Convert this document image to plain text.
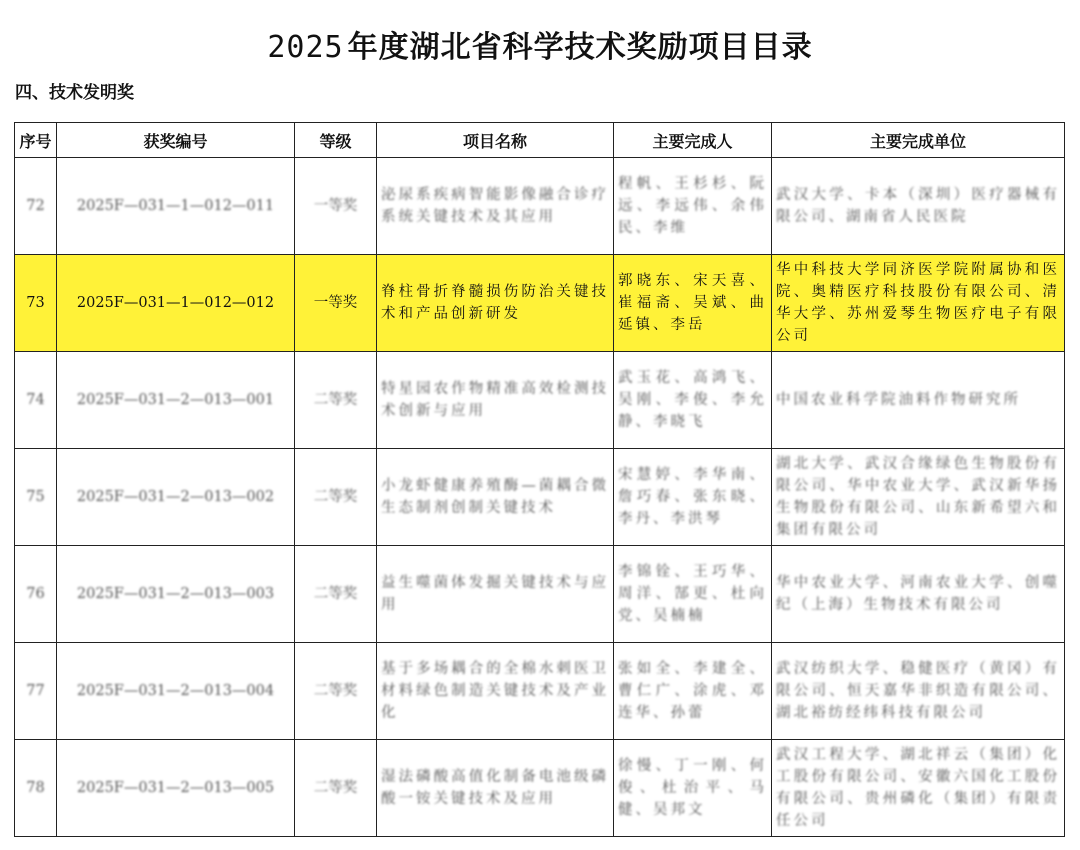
2025 年度湖北省科学技术奖励项目目录
四、技术发明奖
序号	获奖编号	等级	项目名称	主要完成人	主要完成单位

72	2025F—031—1—012—011	一等奖	泌尿系疾病智能影像融合诊疗系统关键技术及其应用	程帆、王杉杉、阮远、李远伟、余伟民、李维	武汉大学、卡本（深圳）医疗器械有限公司、湖南省人民医院

73	2025F—031—1—012—012	一等奖	脊柱骨折脊髓损伤防治关键技术和产品创新研发	郭晓东、宋天喜、崔福斋、吴斌、曲延镇、李岳	华中科技大学同济医学院附属协和医院、奥精医疗科技股份有限公司、清华大学、苏州爱琴生物医疗电子有限公司

74	2025F—031—2—013—001	二等奖	特星园农作物精准高效检测技术创新与应用	武玉花、高鸿飞、吴刚、李俊、李允静、李晓飞	中国农业科学院油料作物研究所

75	2025F—031—2—013—002	二等奖	小龙虾健康养殖酶—菌耦合微生态制剂创制关键技术	宋慧婷、李华南、詹巧春、张东晓、李丹、李洪琴	湖北大学、武汉合缘绿色生物股份有限公司、华中农业大学、武汉新华扬生物股份有限公司、山东新希望六和集团有限公司

76	2025F—031—2—013—003	二等奖	益生噬菌体发掘关键技术与应用	李锦铨、王巧华、周洋、郜更、杜向党、吴楠楠	华中农业大学、河南农业大学、创噬纪（上海）生物技术有限公司

77	2025F—031—2—013—004	二等奖	基于多场耦合的全棉水刺医卫材料绿色制造关键技术及产业化	张如全、李建全、曹仁广、涂虎、邓连华、孙蕾	武汉纺织大学、稳健医疗（黄冈）有限公司、恒天嘉华非织造有限公司、湖北裕纺经纬科技有限公司

78	2025F—031—2—013—005	二等奖	湿法磷酸高值化制备电池级磷酸一铵关键技术及应用	徐慢、丁一刚、何俊、杜治平、马健、吴邦文	武汉工程大学、湖北祥云（集团）化工股份有限公司、安徽六国化工股份有限公司、贵州磷化（集团）有限责任公司
